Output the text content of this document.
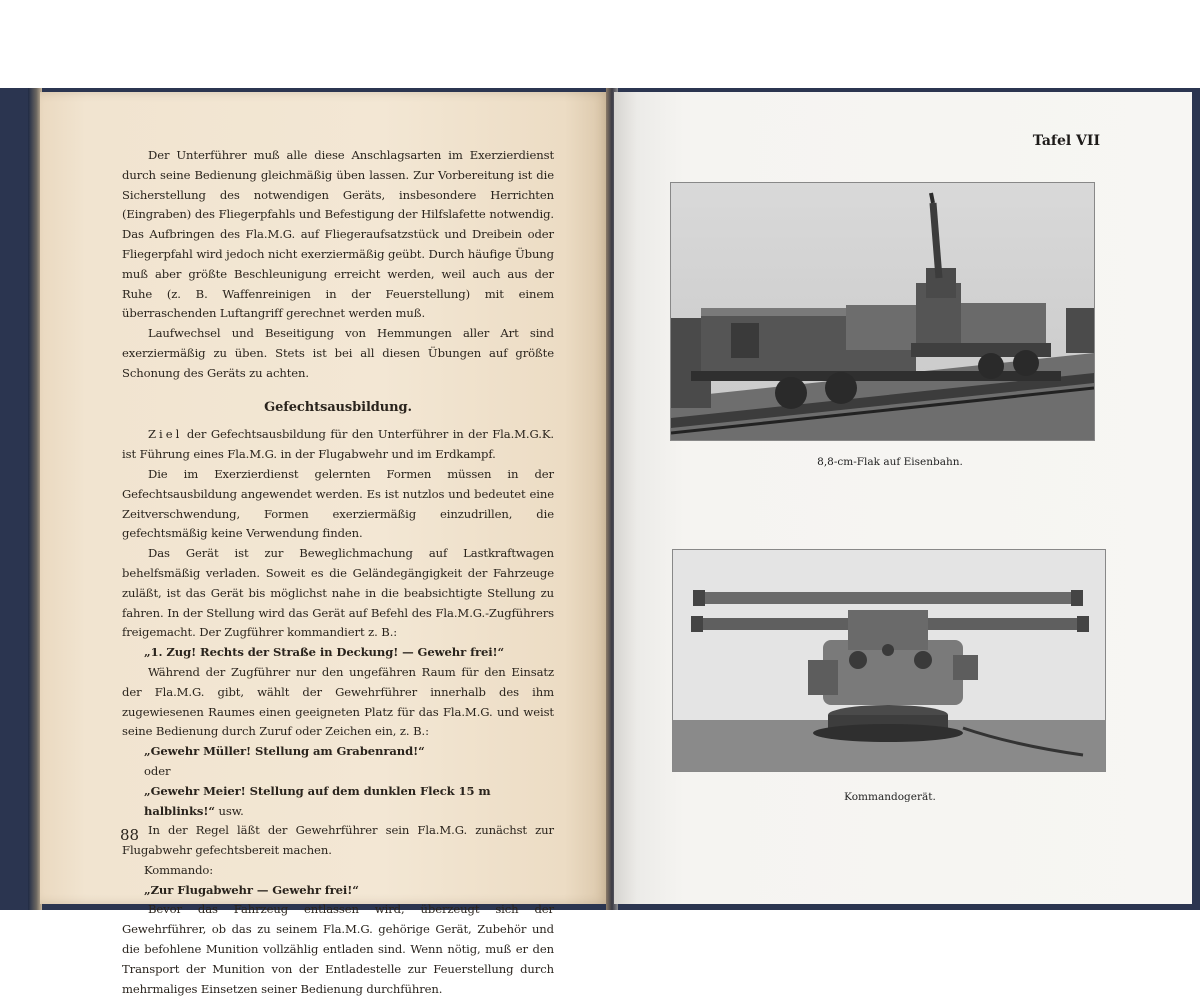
Der Unterführer muß alle diese Anschlagsarten im Exerzierdienst durch seine Bedienung gleichmäßig üben lassen. Zur Vorbereitung ist die Sicherstellung des notwendigen Geräts, insbesondere Herrichten (Eingraben) des Fliegerpfahls und Befestigung der Hilfslafette notwendig. Das Aufbringen des Fla.M.G. auf Fliegeraufsatzstück und Dreibein oder Fliegerpfahl wird jedoch nicht exerziermäßig geübt. Durch häufige Übung muß aber größte Beschleunigung erreicht werden, weil auch aus der Ruhe (z. B. Waffenreinigen in der Feuerstellung) mit einem überraschenden Luftangriff gerechnet werden muß.

Laufwechsel und Beseitigung von Hemmungen aller Art sind exerziermäßig zu üben. Stets ist bei all diesen Übungen auf größte Schonung des Geräts zu achten.

Gefechtsausbildung.

Ziel der Gefechtsausbildung für den Unterführer in der Fla.M.G.K. ist Führung eines Fla.M.G. in der Flugabwehr und im Erdkampf.

Die im Exerzierdienst gelernten Formen müssen in der Gefechtsausbildung angewendet werden. Es ist nutzlos und bedeutet eine Zeitverschwendung, Formen exerziermäßig einzudrillen, die gefechtsmäßig keine Verwendung finden.

Das Gerät ist zur Beweglichmachung auf Lastkraftwagen behelfsmäßig verladen. Soweit es die Geländegängigkeit der Fahrzeuge zuläßt, ist das Gerät bis möglichst nahe in die beabsichtigte Stellung zu fahren. In der Stellung wird das Gerät auf Befehl des Fla.M.G.-Zugführers freigemacht. Der Zugführer kommandiert z. B.:

„1. Zug! Rechts der Straße in Deckung! — Gewehr frei!“

Während der Zugführer nur den ungefähren Raum für den Einsatz der Fla.M.G. gibt, wählt der Gewehrführer innerhalb des ihm zugewiesenen Raumes einen geeigneten Platz für das Fla.M.G. und weist seine Bedienung durch Zuruf oder Zeichen ein, z. B.:

„Gewehr Müller! Stellung am Grabenrand!“

oder

„Gewehr Meier! Stellung auf dem dunklen Fleck 15 m halblinks!“ usw.

In der Regel läßt der Gewehrführer sein Fla.M.G. zunächst zur Flugabwehr gefechtsbereit machen.

Kommando:

„Zur Flugabwehr — Gewehr frei!“

Bevor das Fahrzeug entlassen wird, überzeugt sich der Gewehrführer, ob das zu seinem Fla.M.G. gehörige Gerät, Zubehör und die befohlene Munition vollzählig entladen sind. Wenn nötig, muß er den Transport der Munition von der Entladestelle zur Feuerstellung durch mehrmaliges Einsetzen seiner Bedienung durchführen.

88
Tafel VII
8,8-cm-Flak auf Eisenbahn.
Kommandogerät.
